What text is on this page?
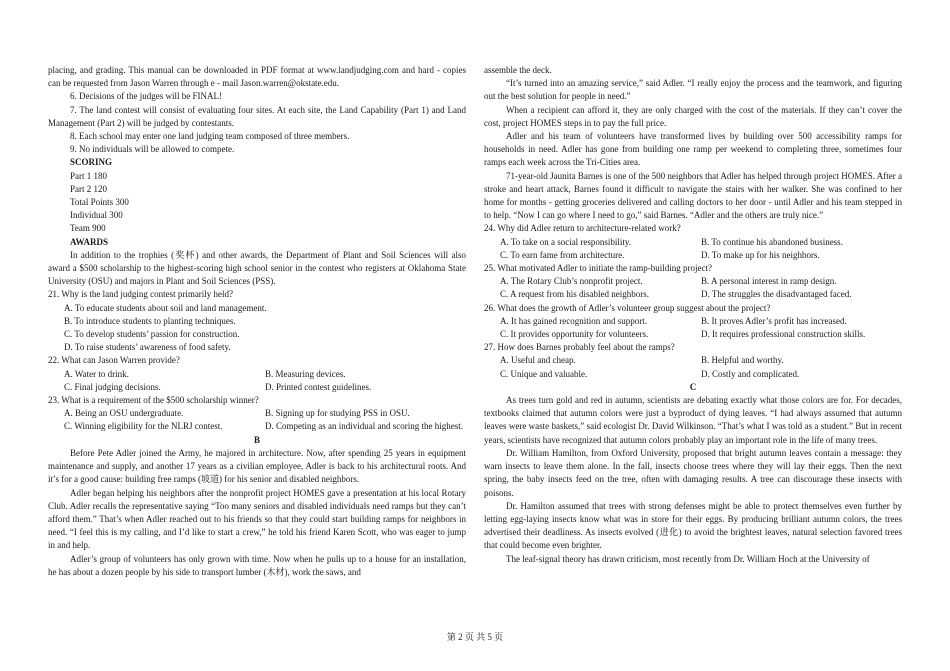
placing, and grading. This manual can be downloaded in PDF format at www.landjudging.com and hard - copies can be requested from Jason Warren through e - mail Jason.warren@okstate.edu.

6. Decisions of the judges will be FINAL!

7. The land contest will consist of evaluating four sites. At each site, the Land Capability (Part 1) and Land Management (Part 2) will be judged by contestants.

8. Each school may enter one land judging team composed of three members.

9. No individuals will be allowed to compete.

SCORING

Part 1 180

Part 2 120

Total Points 300

Individual 300

Team 900

AWARDS

In addition to the trophies (奖杯) and other awards, the Department of Plant and Soil Sciences will also award a $500 scholarship to the highest-scoring high school senior in the contest who registers at Oklahoma State University (OSU) and majors in Plant and Soil Sciences (PSS).

21. Why is the land judging contest primarily held?

A. To educate students about soil and land management.
B. To introduce students to planting techniques.
C. To develop students’ passion for construction.
D. To raise students’ awareness of food safety.

22. What can Jason Warren provide?

A. Water to drink.	B. Measuring devices.
C. Final judging decisions.	D. Printed contest guidelines.

23. What is a requirement of the $500 scholarship winner?

A. Being an OSU undergraduate.	B. Signing up for studying PSS in OSU.
C. Winning eligibility for the NLRJ contest.	D. Competing as an individual and scoring the highest.

B

Before Pete Adler joined the Army, he majored in architecture. Now, after spending 25 years in equipment maintenance and supply, and another 17 years as a civilian employee, Adler is back to his architectural roots. And it’s for a good cause: building free ramps (坡道) for his senior and disabled neighbors.

Adler began helping his neighbors after the nonprofit project HOMES gave a presentation at his local Rotary Club. Adler recalls the representative saying “Too many seniors and disabled individuals need ramps but they can’t afford them.” That’s when Adler reached out to his friends so that they could start building ramps for neighbors in need. “I feel this is my calling, and I’d like to start a crew,” he told his friend Karen Scott, who was eager to jump in and help.

Adler’s group of volunteers has only grown with time. Now when he pulls up to a house for an installation, he has about a dozen people by his side to transport lumber (木材), work the saws, and

assemble the deck.

“It’s turned into an amazing service,” said Adler. “I really enjoy the process and the teamwork, and figuring out the best solution for people in need.”

When a recipient can afford it, they are only charged with the cost of the materials. If they can’t cover the cost, project HOMES steps in to pay the full price.

Adler and his team of volunteers have transformed lives by building over 500 accessibility ramps for households in need. Adler has gone from building one ramp per weekend to completing three, sometimes four ramps each week across the Tri-Cities area.

71-year-old Jaunita Barnes is one of the 500 neighbors that Adler has helped through project HOMES. After a stroke and heart attack, Barnes found it difficult to navigate the stairs with her walker. She was confined to her home for months - getting groceries delivered and calling doctors to her door - until Adler and his team stepped in to help. “Now I can go where I need to go,” said Barnes. “Adler and the others are truly nice.”

24. Why did Adler return to architecture-related work?

A. To take on a social responsibility.	B. To continue his abandoned business.
C. To earn fame from architecture.	D. To make up for his neighbors.

25. What motivated Adler to initiate the ramp-building project?

A. The Rotary Club’s nonprofit project.	B. A personal interest in ramp design.
C. A request from his disabled neighbors.	D. The struggles the disadvantaged faced.

26. What does the growth of Adler’s volunteer group suggest about the project?

A. It has gained recognition and support.	B. It proves Adler’s profit has increased.
C. It provides opportunity for volunteers.	D. It requires professional construction skills.

27. How does Barnes probably feel about the ramps?

A. Useful and cheap.	B. Helpful and worthy.
C. Unique and valuable.	D. Costly and complicated.

C

As trees turn gold and red in autumn, scientists are debating exactly what those colors are for. For decades, textbooks claimed that autumn colors were just a byproduct of dying leaves. “I had always assumed that autumn leaves were waste baskets,” said ecologist Dr. David Wilkinson. “That’s what I was told as a student.” But in recent years, scientists have recognized that autumn colors probably play an important role in the life of many trees.

Dr. William Hamilton, from Oxford University, proposed that bright autumn leaves contain a message: they warn insects to leave them alone. In the fall, insects choose trees where they will lay their eggs. Then the next spring, the baby insects feed on the tree, often with damaging results. A tree can discourage these insects with poisons.

Dr. Hamilton assumed that trees with strong defenses might be able to protect themselves even further by letting egg-laying insects know what was in store for their eggs. By producing brilliant autumn colors, the trees advertised their deadliness. As insects evolved (进化) to avoid the brightest leaves, natural selection favored trees that could become even brighter.

The leaf-signal theory has drawn criticism, most recently from Dr. William Hoch at the University of

第 2 页 共 5 页
